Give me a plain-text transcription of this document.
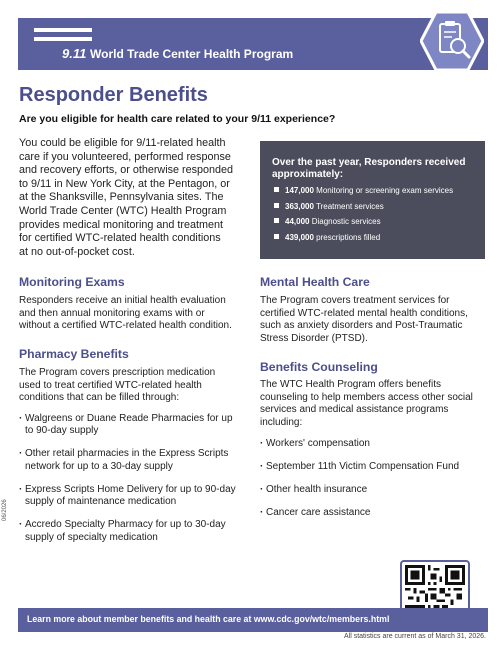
9.11 World Trade Center Health Program
Responder Benefits

Are you eligible for health care related to your 9/11 experience?

You could be eligible for 9/11-related health
care if you volunteered, performed response
and recovery efforts, or otherwise responded
to 9/11 in New York City, at the Pentagon, or
at the Shanksville, Pennsylvania sites. The
World Trade Center (WTC) Health Program
provides medical monitoring and treatment
for certified WTC-related health conditions
at no out-of-pocket cost.
Over the past year, Responders received
approximately:
147,000 Monitoring or screening exam services
363,000 Treatment services
44,000 Diagnostic services
439,000 prescriptions filled
Monitoring Exams
Responders receive an initial health evaluation
and then annual monitoring exams with or
without a certified WTC-related health condition.
Pharmacy Benefits
The Program covers prescription medication
used to treat certified WTC-related health
conditions that can be filled through:
· Walgreens or Duane Reade Pharmacies for up
to 90-day supply
· Other retail pharmacies in the Express Scripts
network for up to a 30-day supply
· Express Scripts Home Delivery for up to 90-day
supply of maintenance medication
· Accredo Specialty Pharmacy for up to 30-day
supply of specialty medication
Mental Health Care
The Program covers treatment services for
certified WTC-related mental health conditions,
such as anxiety disorders and Post-Traumatic
Stress Disorder (PTSD).
Benefits Counseling
The WTC Health Program offers benefits
counseling to help members access other social
services and medical assistance programs
including:
· Workers' compensation
· September 11th Victim Compensation Fund
· Other health insurance
· Cancer care assistance
Learn more about member benefits and health care at www.cdc.gov/wtc/members.html
All statistics are current as of March 31, 2026.
06/2026
